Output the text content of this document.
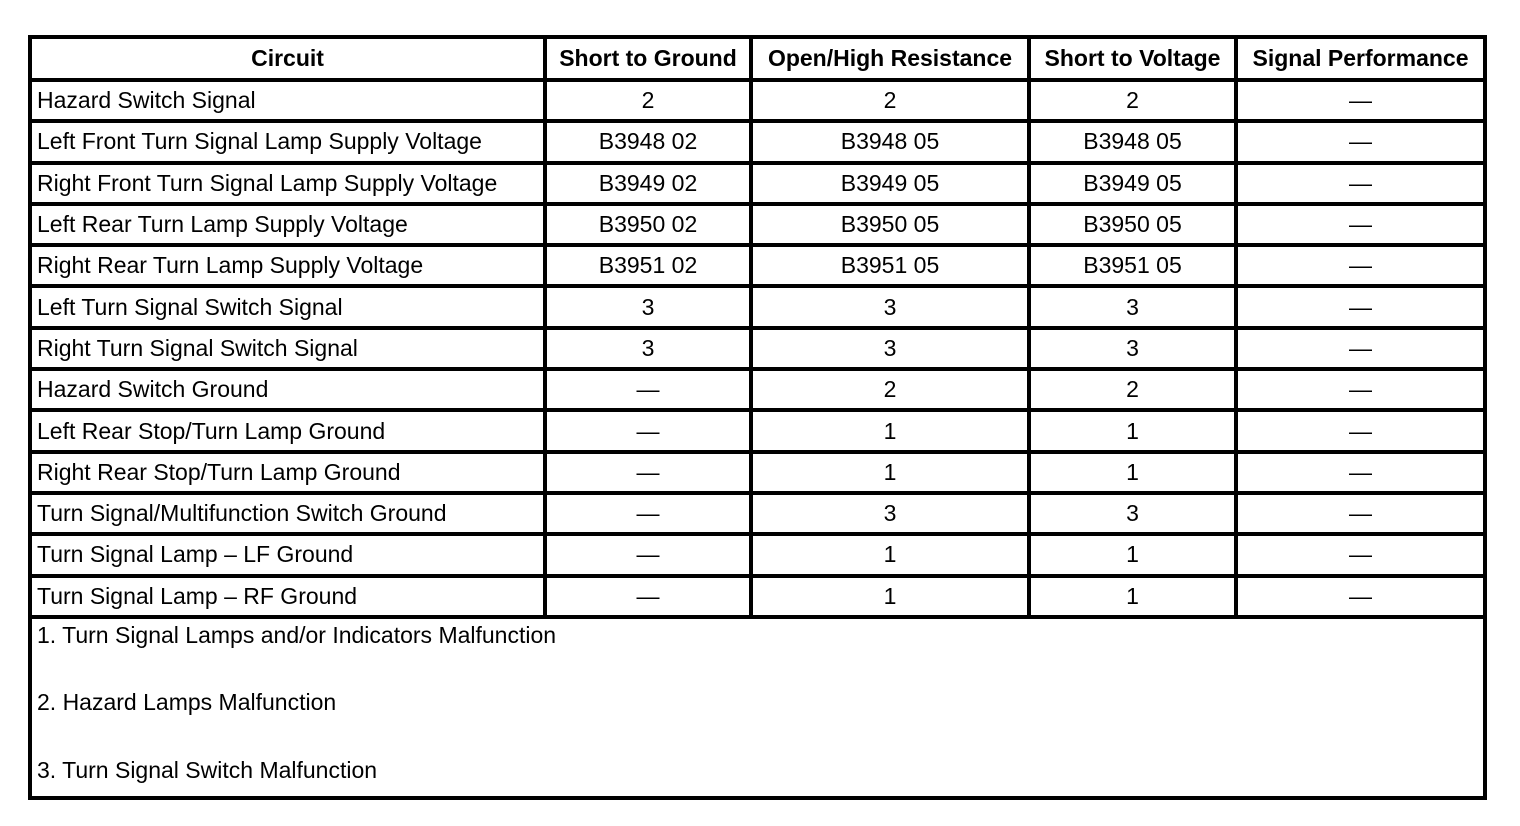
Circuit	Short to Ground	Open/High Resistance	Short to Voltage	Signal Performance
Hazard Switch Signal	2	2	2	—
Left Front Turn Signal Lamp Supply Voltage	B3948 02	B3948 05	B3948 05	—
Right Front Turn Signal Lamp Supply Voltage	B3949 02	B3949 05	B3949 05	—
Left Rear Turn Lamp Supply Voltage	B3950 02	B3950 05	B3950 05	—
Right Rear Turn Lamp Supply Voltage	B3951 02	B3951 05	B3951 05	—
Left Turn Signal Switch Signal	3	3	3	—
Right Turn Signal Switch Signal	3	3	3	—
Hazard Switch Ground	—	2	2	—
Left Rear Stop/Turn Lamp Ground	—	1	1	—
Right Rear Stop/Turn Lamp Ground	—	1	1	—
Turn Signal/Multifunction Switch Ground	—	3	3	—
Turn Signal Lamp – LF Ground	—	1	1	—
Turn Signal Lamp – RF Ground	—	1	1	—

1. Turn Signal Lamps and/or Indicators Malfunction
2. Hazard Lamps Malfunction
3. Turn Signal Switch Malfunction				
